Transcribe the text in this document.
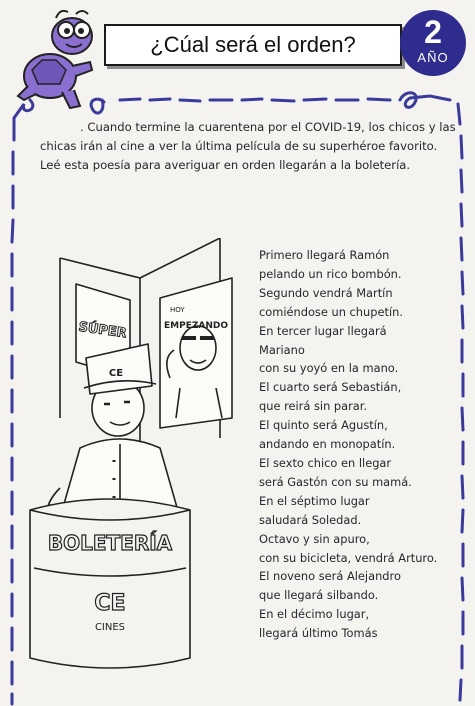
¿Cúal será el orden?	2
AÑO

. Cuando termine la cuarentena por el COVID-19, los chicos y las chicas irán al cine a ver la última película de su superhéroe favorito.

Leé esta poesía para averiguar en orden llegarán a la boletería.

BOLETERÍA
CE
CINES
CE
SÚPER
HOY
EMPEZANDO
Primero llegará Ramón
pelando un rico bombón.
Segundo vendrá Martín
comiéndose un chupetín.
En tercer lugar llegará
Mariano
con su yoyó en la mano.
El cuarto será Sebastián,
que reirá sin parar.
El quinto será Agustín,
andando en monopatín.
El sexto chico en llegar
será Gastón con su mamá.
En el séptimo lugar
saludará Soledad.
Octavo y sin apuro,
con su bicicleta, vendrá Arturo.
El noveno será Alejandro
que llegará silbando.
En el décimo lugar,
llegará último Tomás
